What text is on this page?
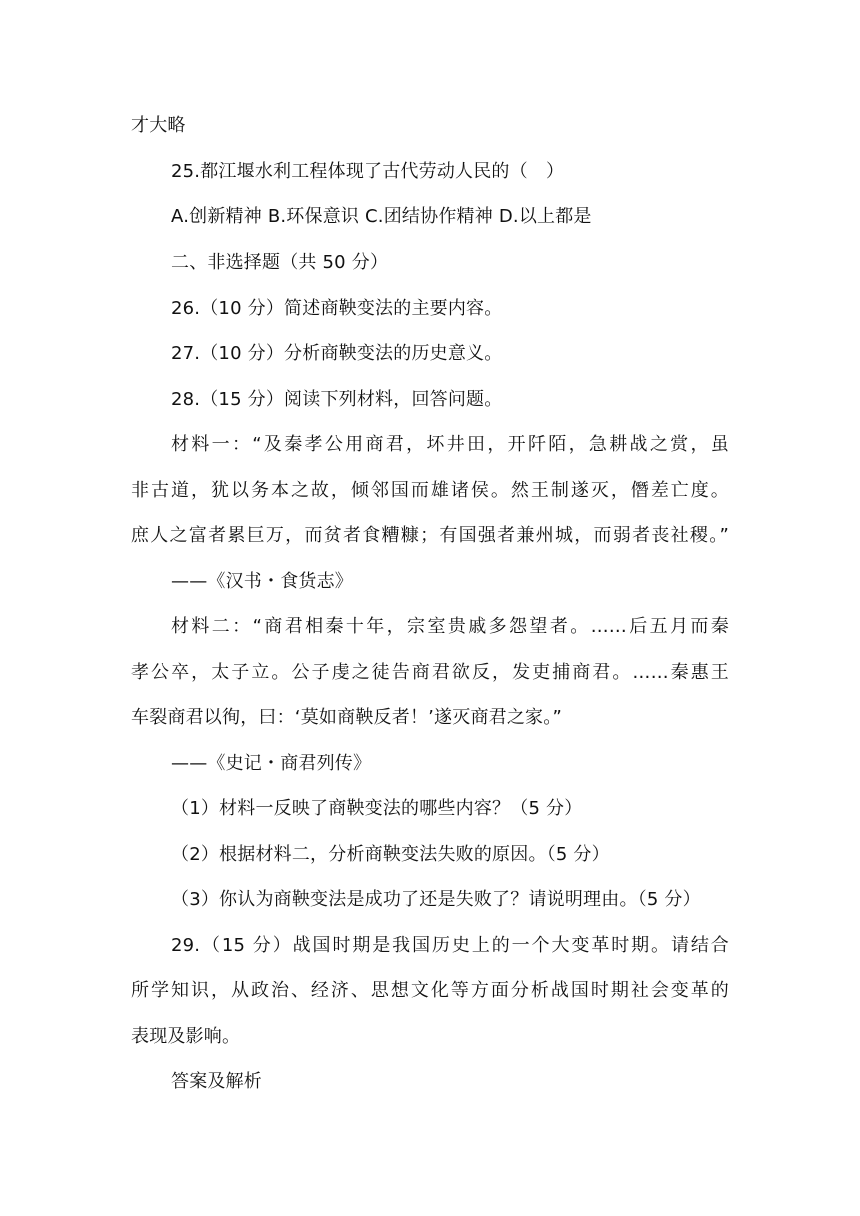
才大略
25.都江堰水利工程体现了古代劳动人民的（　）
A.创新精神 B.环保意识 C.团结协作精神 D.以上都是
二、非选择题（共 50 分）
26.（10 分）简述商鞅变法的主要内容。
27.（10 分）分析商鞅变法的历史意义。
28.（15 分）阅读下列材料，回答问题。
材料一：“及秦孝公用商君，坏井田，开阡陌，急耕战之赏，虽
非古道，犹以务本之故，倾邻国而雄诸侯。然王制遂灭，僭差亡度。
庶人之富者累巨万，而贫者食糟糠；有国强者兼州城，而弱者丧社稷。”
——《汉书・食货志》
材料二：“商君相秦十年，宗室贵戚多怨望者。……后五月而秦
孝公卒，太子立。公子虔之徒告商君欲反，发吏捕商君。……秦惠王
车裂商君以徇，曰：‘莫如商鞅反者！’遂灭商君之家。”
——《史记・商君列传》
（1）材料一反映了商鞅变法的哪些内容？（5 分）
（2）根据材料二，分析商鞅变法失败的原因。（5 分）
（3）你认为商鞅变法是成功了还是失败了？请说明理由。（5 分）
29.（15 分）战国时期是我国历史上的一个大变革时期。请结合
所学知识，从政治、经济、思想文化等方面分析战国时期社会变革的
表现及影响。
答案及解析
